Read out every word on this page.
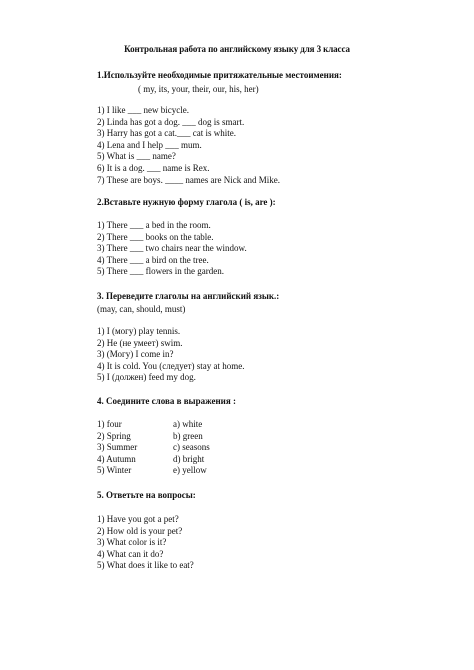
Контрольная работа по английскому языку для 3 класса
1.Используйте необходимые притяжательные местоимения:
( my, its, your, their, our, his, her)
1) I like ___ new bicycle.
2) Linda has got a dog. ___ dog is smart.
3) Harry has got a cat.___ cat is white.
4) Lena and I help ___ mum.
5) What is ___ name?
6) It is a dog. ___ name is Rex.
7) These are boys. ____ names are Nick and Mike.
2.Вставьте нужную форму глагола ( is, are ):
1) There ___ a bed in the room.
2) There ___ books on the table.
3) There ___ two chairs near the window.
4) There ___ a bird on the tree.
5) There ___ flowers in the garden.
3. Переведите глаголы на английский язык.:
(may, can, should, must)
1) I (могу) play tennis.
2) He (не умеет) swim.
3) (Могу) I come in?
4) It is cold. You (следует) stay at home.
5) I (должен) feed my dog.
4. Соедините слова в выражения :
1) four	a) white
2) Spring	b) green
3) Summer	c) seasons
4) Autumn	d) bright
5) Winter	e) yellow
5. Ответьте на вопросы:
1) Have you got a pet?
2) How old is your pet?
3) What color is it?
4) What can it do?
5) What does it like to eat?
